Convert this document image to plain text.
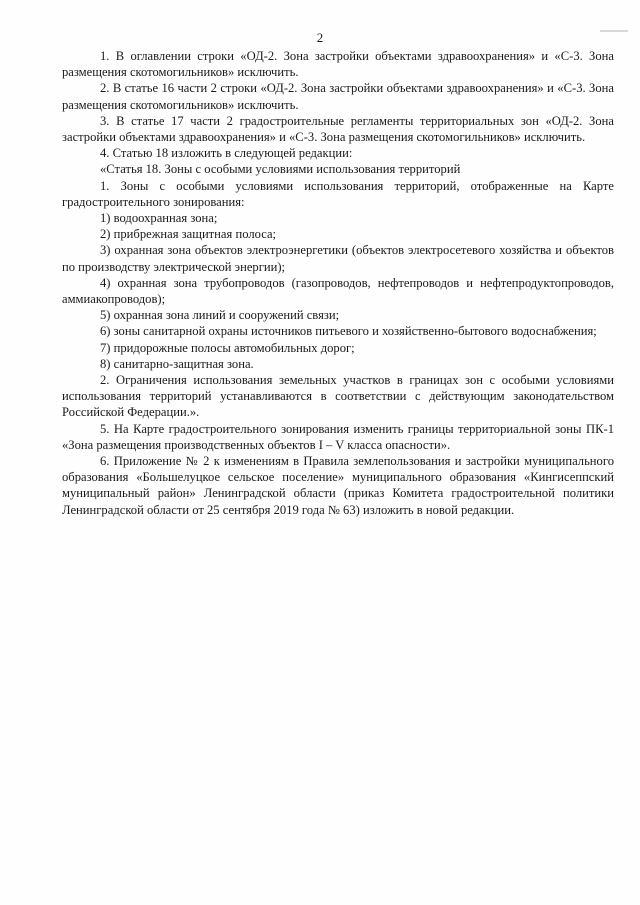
2

1. В оглавлении строки «ОД-2. Зона застройки объектами здравоохранения» и «С-3. Зона размещения скотомогильников» исключить.

2. В статье 16 части 2 строки «ОД-2. Зона застройки объектами здравоохранения» и «С-3. Зона размещения скотомогильников» исключить.

3. В статье 17 части 2 градостроительные регламенты территориальных зон «ОД-2. Зона застройки объектами здравоохранения» и «С-3. Зона размещения скотомогильников» исключить.

4. Статью 18 изложить в следующей редакции:

«Статья 18. Зоны с особыми условиями использования территорий

1. Зоны с особыми условиями использования территорий, отображенные на Карте градостроительного зонирования:

1) водоохранная зона;

2) прибрежная защитная полоса;

3) охранная зона объектов электроэнергетики (объектов электросетевого хозяйства и объектов по производству электрической энергии);

4) охранная зона трубопроводов (газопроводов, нефтепроводов и нефтепродуктопроводов, аммиакопроводов);

5) охранная зона линий и сооружений связи;

6) зоны санитарной охраны источников питьевого и хозяйственно-бытового водоснабжения;

7) придорожные полосы автомобильных дорог;

8) санитарно-защитная зона.

2. Ограничения использования земельных участков в границах зон с особыми условиями использования территорий устанавливаются в соответствии с действующим законодательством Российской Федерации.».

5. На Карте градостроительного зонирования изменить границы территориальной зоны ПК-1 «Зона размещения производственных объектов I – V класса опасности».

6. Приложение № 2 к изменениям в Правила землепользования и застройки муниципального образования «Большелуцкое сельское поселение» муниципального образования «Кингисеппский муниципальный район» Ленинградской области (приказ Комитета градостроительной политики Ленинградской области от 25 сентября 2019 года № 63) изложить в новой редакции.
